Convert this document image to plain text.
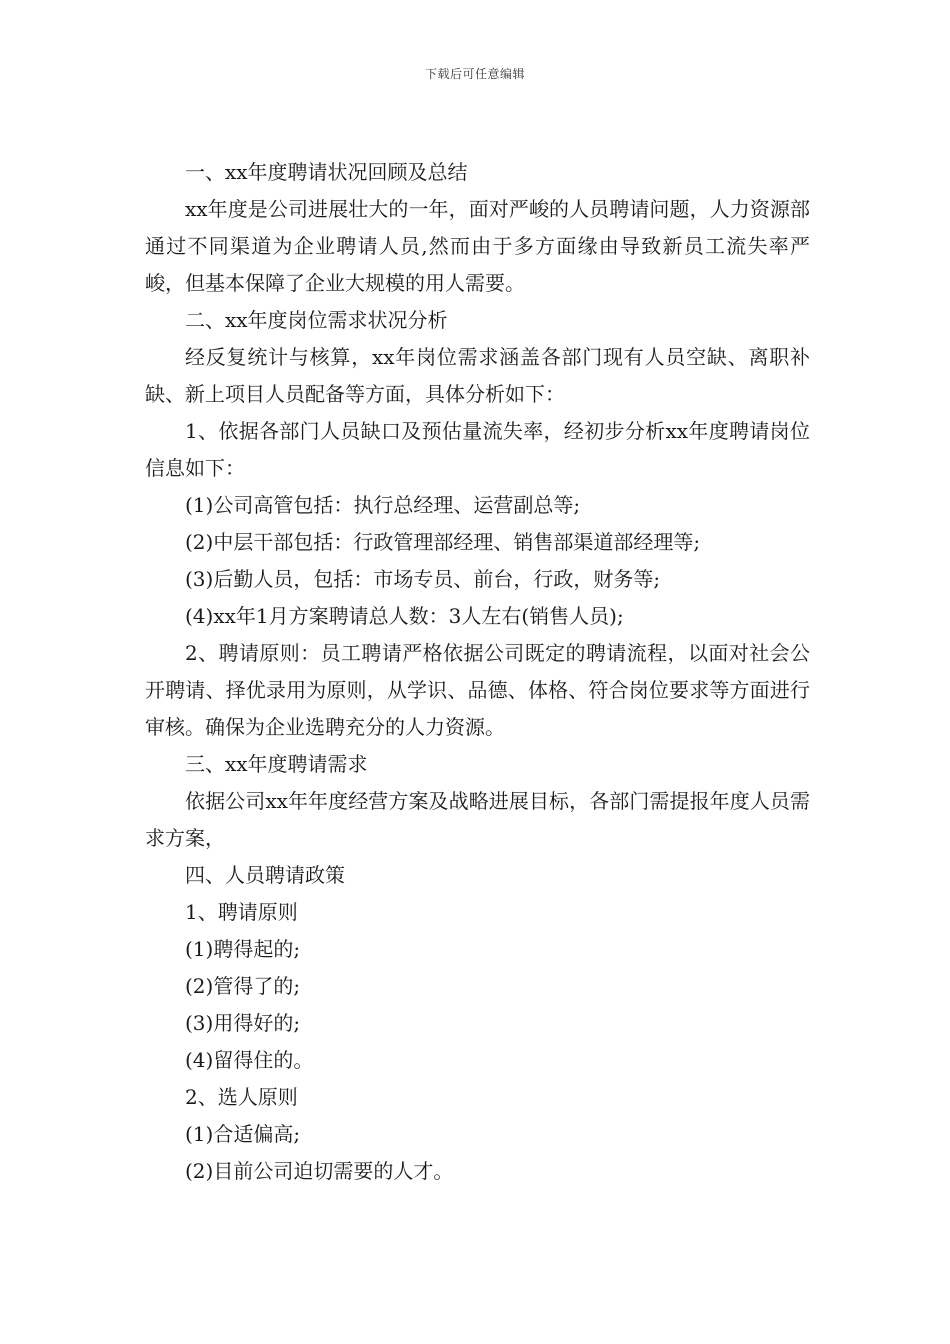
下载后可任意编辑

一、xx年度聘请状况回顾及总结

xx年度是公司进展壮大的一年，面对严峻的人员聘请问题，人力资源部通过不同渠道为企业聘请人员,然而由于多方面缘由导致新员工流失率严峻，但基本保障了企业大规模的用人需要。

二、xx年度岗位需求状况分析

经反复统计与核算，xx年岗位需求涵盖各部门现有人员空缺、离职补缺、新上项目人员配备等方面，具体分析如下：

1、依据各部门人员缺口及预估量流失率，经初步分析xx年度聘请岗位信息如下：

(1)公司高管包括：执行总经理、运营副总等;

(2)中层干部包括：行政管理部经理、销售部渠道部经理等;

(3)后勤人员，包括：市场专员、前台，行政，财务等;

(4)xx年1月方案聘请总人数：3人左右(销售人员);

2、聘请原则：员工聘请严格依据公司既定的聘请流程，以面对社会公开聘请、择优录用为原则，从学识、品德、体格、符合岗位要求等方面进行审核。确保为企业选聘充分的人力资源。

三、xx年度聘请需求

依据公司xx年年度经营方案及战略进展目标，各部门需提报年度人员需求方案，

四、人员聘请政策

1、聘请原则

(1)聘得起的;

(2)管得了的;

(3)用得好的;

(4)留得住的。

2、选人原则

(1)合适偏高;

(2)目前公司迫切需要的人才。
